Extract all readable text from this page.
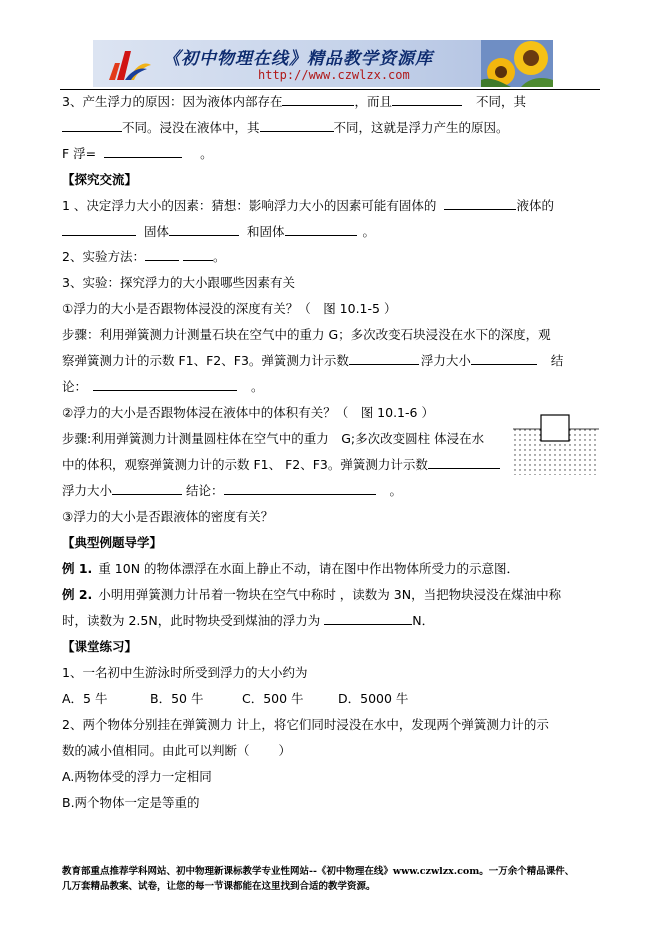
《初中物理在线》精品教学资源库
http://www.czwlzx.com
3、产生浮力的原因：因为液体内部存在	，而且	不同，其
不同。浸没在液体中，其	不同，这就是浮力产生的原因。
F 浮=	。
【探究交流】
1 、决定浮力大小的因素：猜想：影响浮力大小的因素可能有固体的	液体的
固体	和固体	。
2、实验方法：	。
3、实验：探究浮力的大小跟哪些因素有关
①浮力的大小是否跟物体浸没的深度有关？（　图 10.1-5 ）
步骤：利用弹簧测力计测量石块在空气中的重力 G；多次改变石块浸没在水下的深度，观
察弹簧测力计的示数 F1、F2、F3。弹簧测力计示数	浮力大小	结
论：	。
②浮力的大小是否跟物体浸在液体中的体积有关？（　图 10.1-6 ）
步骤:利用弹簧测力计测量圆柱体在空气中的重力　G;多次改变圆柱 体浸在水
中的体积，观察弹簧测力计的示数 F1、 F2、F3。弹簧测力计示数
浮力大小	结论：	。
③浮力的大小是否跟液体的密度有关？
【典型例题导学】
例 1. 重 10N 的物体漂浮在水面上静止不动，请在图中作出物体所受力的示意图．
例 2. 小明用弹簧测力计吊着一物块在空气中称时 ，读数为 3N，当把物块浸没在煤油中称
时，读数为 2.5N，此时物块受到煤油的浮力为	N．
【课堂练习】
1、一名初中生游泳时所受到浮力的大小约为
A．5 牛	B．50 牛	C．500 牛	D．5000 牛
2、两个物体分别挂在弹簧测力 计上，将它们同时浸没在水中，发现两个弹簧测力计的示
数的减小值相同。由此可以判断（　　 ）
A.两物体受的浮力一定相同
B.两个物体一定是等重的
教育部重点推荐学科网站、初中物理新课标教学专业性网站--《初中物理在线》www.czwlzx.com。一万余个精品课件、
几万套精品教案、试卷，让您的每一节课都能在这里找到合适的教学资源。
